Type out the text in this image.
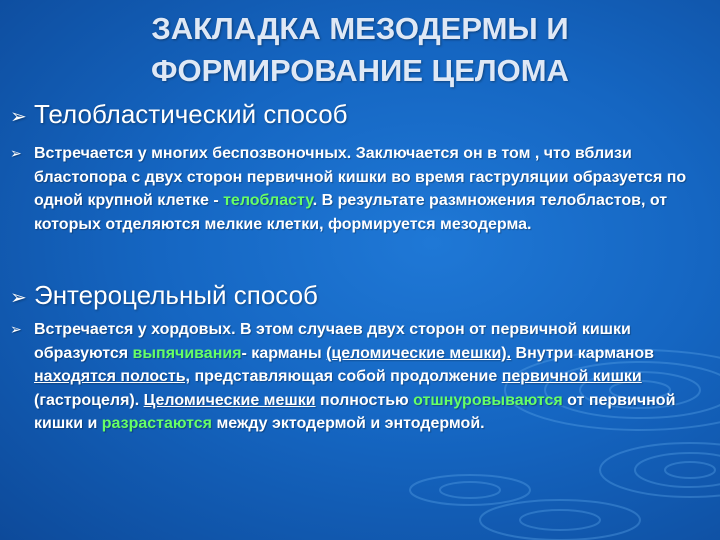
ЗАКЛАДКА МЕЗОДЕРМЫ И
ФОРМИРОВАНИЕ ЦЕЛОМА
➢ Телобластический способ
➢ Встречается у многих беспозвоночных. Заключается он в том , что вблизи бластопора с двух сторон первичной кишки во время гаструляции образуется по одной крупной клетке - телобласту. В результате размножения телобластов, от которых отделяются мелкие клетки, формируется мезодерма.
➢ Энтероцельный способ
➢ Встречается у хордовых. В этом случаев двух сторон от первичной кишки образуются выпячивания- карманы (целомические мешки). Внутри карманов находятся полость, представляющая собой продолжение первичной кишки (гастроцеля). Целомические мешки полностью отшнуровываются от первичной кишки и разрастаются между эктодермой и энтодермой.
